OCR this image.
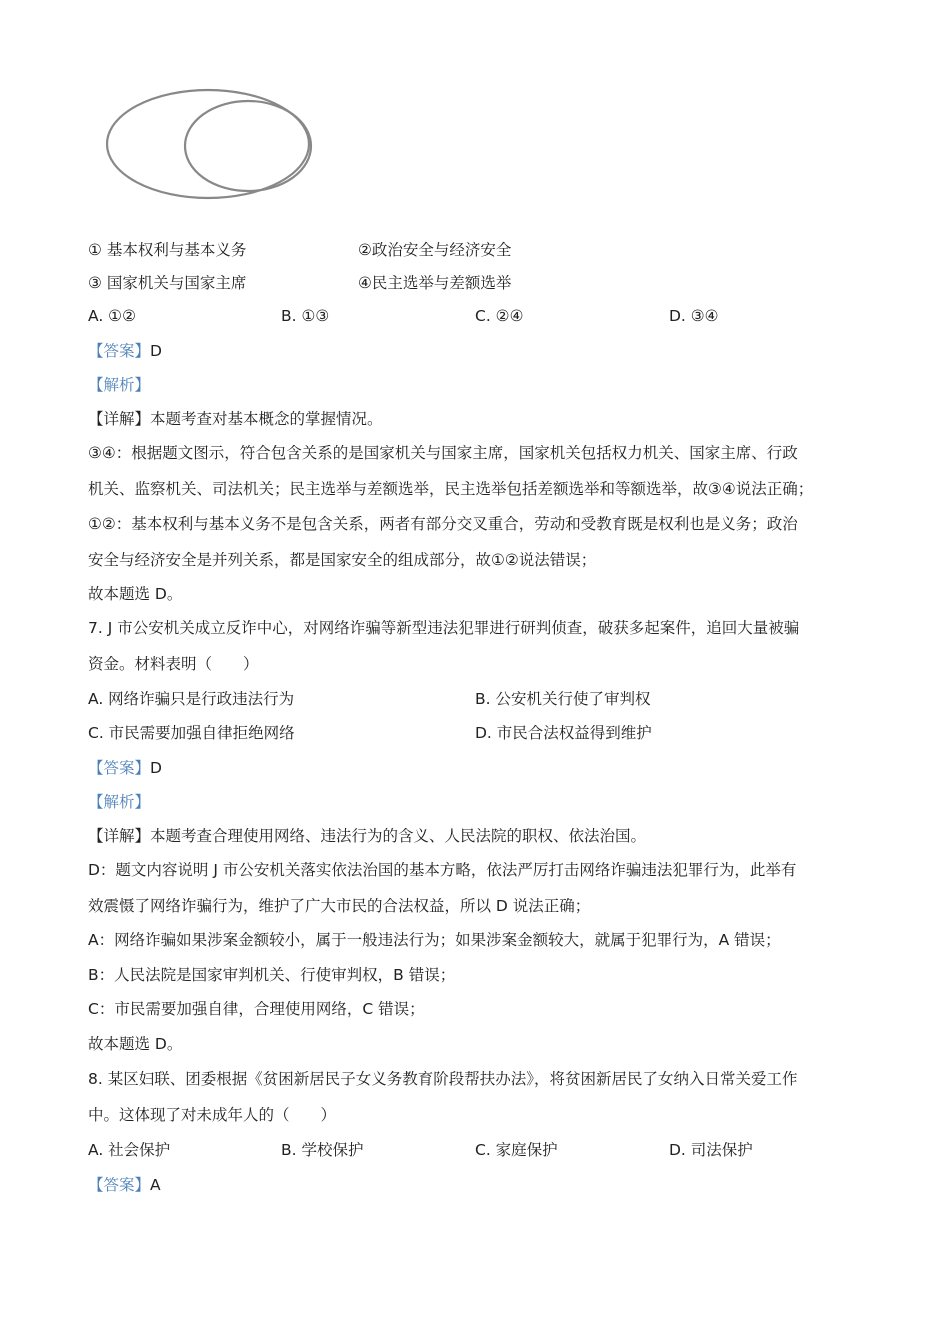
① 基本权利与基本义务	②政治安全与经济安全
③ 国家机关与国家主席	④民主选举与差额选举
A. ①②	B. ①③	C. ②④	D. ③④
【答案】D
【解析】
【详解】本题考查对基本概念的掌握情况。
③④：根据题文图示，符合包含关系的是国家机关与国家主席，国家机关包括权力机关、国家主席、行政
机关、监察机关、司法机关；民主选举与差额选举，民主选举包括差额选举和等额选举，故③④说法正确；
①②：基本权利与基本义务不是包含关系，两者有部分交叉重合，劳动和受教育既是权利也是义务；政治
安全与经济安全是并列关系，都是国家安全的组成部分，故①②说法错误；
故本题选 D。
7. J 市公安机关成立反诈中心，对网络诈骗等新型违法犯罪进行研判侦查，破获多起案件，追回大量被骗
资金。材料表明（　　）
A. 网络诈骗只是行政违法行为	B. 公安机关行使了审判权
C. 市民需要加强自律拒绝网络	D. 市民合法权益得到维护
【答案】D
【解析】
【详解】本题考查合理使用网络、违法行为的含义、人民法院的职权、依法治国。
D：题文内容说明 J 市公安机关落实依法治国的基本方略，依法严厉打击网络诈骗违法犯罪行为，此举有
效震慑了网络诈骗行为，维护了广大市民的合法权益，所以 D 说法正确；
A：网络诈骗如果涉案金额较小，属于一般违法行为；如果涉案金额较大，就属于犯罪行为，A 错误；
B：人民法院是国家审判机关、行使审判权，B 错误；
C：市民需要加强自律，合理使用网络，C 错误；
故本题选 D。
8. 某区妇联、团委根据《贫困新居民子女义务教育阶段帮扶办法》，将贫困新居民了女纳入日常关爱工作
中。这体现了对未成年人的（　　）
A. 社会保护	B. 学校保护	C. 家庭保护	D. 司法保护
【答案】A
